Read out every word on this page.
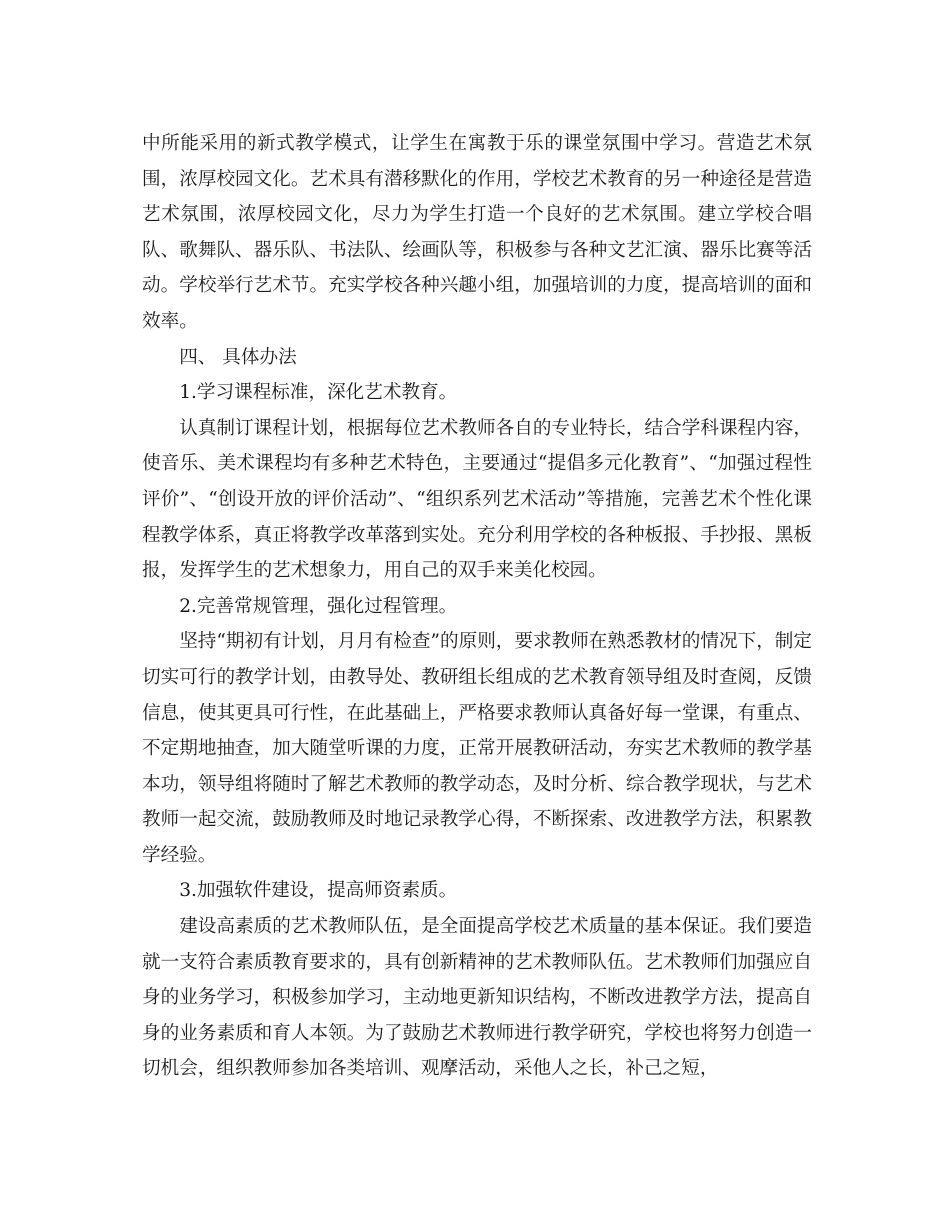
中所能采用的新式教学模式，让学生在寓教于乐的课堂氛围中学习。营造艺术氛围，浓厚校园文化。艺术具有潜移默化的作用，学校艺术教育的另一种途径是营造艺术氛围，浓厚校园文化，尽力为学生打造一个良好的艺术氛围。建立学校合唱队、歌舞队、器乐队、书法队、绘画队等，积极参与各种文艺汇演、器乐比赛等活动。学校举行艺术节。充实学校各种兴趣小组，加强培训的力度，提高培训的面和效率。

四、 具体办法

1.学习课程标准，深化艺术教育。

认真制订课程计划，根据每位艺术教师各自的专业特长，结合学科课程内容，使音乐、美术课程均有多种艺术特色，主要通过“提倡多元化教育”、“加强过程性评价”、“创设开放的评价活动”、“组织系列艺术活动”等措施，完善艺术个性化课程教学体系，真正将教学改革落到实处。充分利用学校的各种板报、手抄报、黑板报，发挥学生的艺术想象力，用自己的双手来美化校园。

2.完善常规管理，强化过程管理。

坚持“期初有计划，月月有检查”的原则，要求教师在熟悉教材的情况下，制定切实可行的教学计划，由教导处、教研组长组成的艺术教育领导组及时查阅，反馈信息，使其更具可行性，在此基础上，严格要求教师认真备好每一堂课，有重点、不定期地抽查，加大随堂听课的力度，正常开展教研活动，夯实艺术教师的教学基本功，领导组将随时了解艺术教师的教学动态，及时分析、综合教学现状，与艺术教师一起交流，鼓励教师及时地记录教学心得，不断探索、改进教学方法，积累教学经验。

3.加强软件建设，提高师资素质。

建设高素质的艺术教师队伍，是全面提高学校艺术质量的基本保证。我们要造就一支符合素质教育要求的，具有创新精神的艺术教师队伍。艺术教师们加强应自身的业务学习，积极参加学习，主动地更新知识结构，不断改进教学方法，提高自身的业务素质和育人本领。为了鼓励艺术教师进行教学研究，学校也将努力创造一切机会，组织教师参加各类培训、观摩活动，采他人之长，补己之短，
